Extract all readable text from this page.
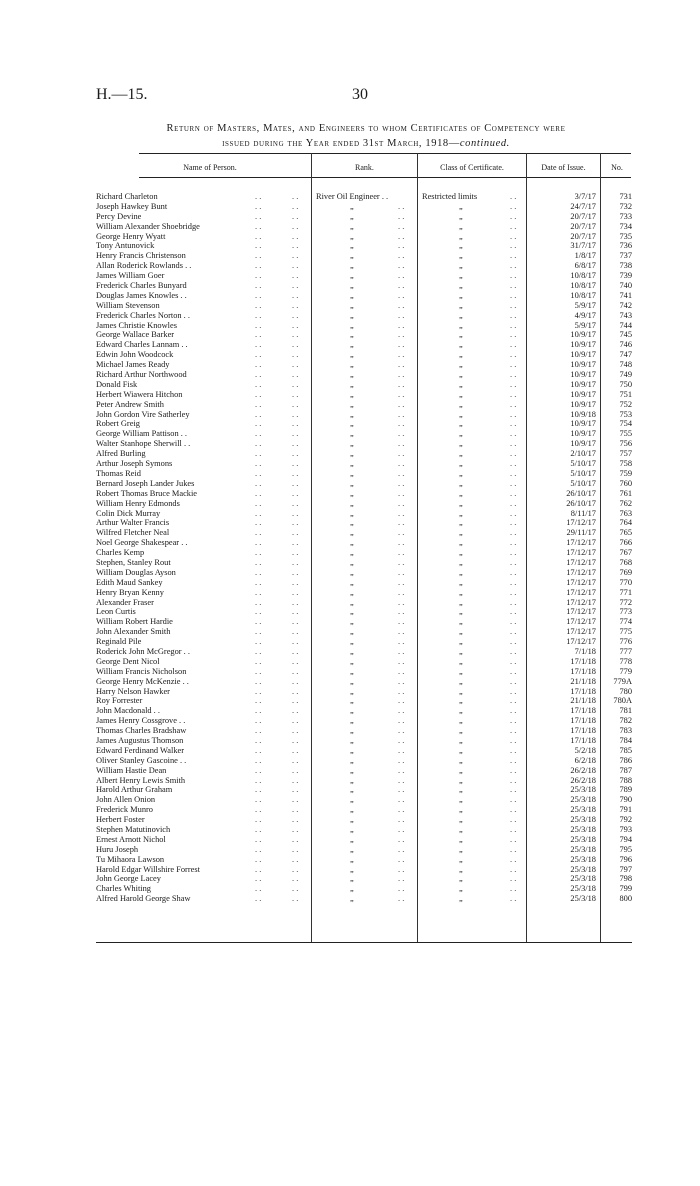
H.—15.	30
Return of Masters, Mates, and Engineers to whom Certificates of Competency were
issued during the Year ended 31st March, 1918—continued.
Name of Person.	Rank.	Class of Certificate.	Date of Issue.	No.
Richard Charleton	. .	. . River Oil Engineer . .	Restricted limits	. .	3/7/17	731
Joseph Hawkey Bunt	. .	. .	„	. .	„	. .	24/7/17	732
Percy Devine	. .	. .	„	. .	„	. .	20/7/17	733
William Alexander Shoebridge	. .	. .	„	. .	„	. .	20/7/17	734
George Henry Wyatt	. .	. .	„	. .	„	. .	20/7/17	735
Tony Antunovick	. .	. .	„	. .	„	. .	31/7/17	736
Henry Francis Christenson	. .	. .	„	. .	„	. .	1/8/17	737
Allan Roderick Rowlands . .	. .	. .	„	. .	„	. .	6/8/17	738
James William Goer	. .	. .	„	. .	„	. .	10/8/17	739
Frederick Charles Bunyard	. .	. .	„	. .	„	. .	10/8/17	740
Douglas James Knowles . .	. .	. .	„	. .	„	. .	10/8/17	741
William Stevenson	. .	. .	„	. .	„	. .	5/9/17	742
Frederick Charles Norton . .	. .	. .	„	. .	„	. .	4/9/17	743
James Christie Knowles	. .	. .	„	. .	„	. .	5/9/17	744
George Wallace Barker	. .	. .	„	. .	„	. .	10/9/17	745
Edward Charles Lannam . .	. .	. .	„	. .	„	. .	10/9/17	746
Edwin John Woodcock	. .	. .	„	. .	„	. .	10/9/17	747
Michael James Ready	. .	. .	„	. .	„	. .	10/9/17	748
Richard Arthur Northwood	. .	. .	„	. .	„	. .	10/9/17	749
Donald Fisk	. .	. .	„	. .	„	. .	10/9/17	750
Herbert Wiawera Hitchon	. .	. .	„	. .	„	. .	10/9/17	751
Peter Andrew Smith	. .	. .	„	. .	„	. .	10/9/17	752
John Gordon Vire Satherley	. .	. .	„	. .	„	. .	10/9/18	753
Robert Greig	. .	. .	„	. .	„	. .	10/9/17	754
George William Pattison . .	. .	. .	„	. .	„	. .	10/9/17	755
Walter Stanhope Sherwill . .	. .	. .	„	. .	„	. .	10/9/17	756
Alfred Burling	. .	. .	„	. .	„	. .	2/10/17	757
Arthur Joseph Symons	. .	. .	„	. .	„	. .	5/10/17	758
Thomas Reid	. .	. .	„	. .	„	. .	5/10/17	759
Bernard Joseph Lander Jukes	. .	. .	„	. .	„	. .	5/10/17	760
Robert Thomas Bruce Mackie	. .	. .	„	. .	„	. .	26/10/17	761
William Henry Edmonds	. .	. .	„	. .	„	. .	26/10/17	762
Colin Dick Murray	. .	. .	„	. .	„	. .	8/11/17	763
Arthur Walter Francis	. .	. .	„	. .	„	. .	17/12/17	764
Wilfred Fletcher Neal	. .	. .	„	. .	„	. .	29/11/17	765
Noel George Shakespear . .	. .	. .	„	. .	„	. .	17/12/17	766
Charles Kemp	. .	. .	„	. .	„	. .	17/12/17	767
Stephen, Stanley Rout	. .	. .	„	. .	„	. .	17/12/17	768
William Douglas Ayson	. .	. .	„	. .	„	. .	17/12/17	769
Edith Maud Sankey	. .	. .	„	. .	„	. .	17/12/17	770
Henry Bryan Kenny	. .	. .	„	. .	„	. .	17/12/17	771
Alexander Fraser	. .	. .	„	. .	„	. .	17/12/17	772
Leon Curtis	. .	. .	„	. .	„	. .	17/12/17	773
William Robert Hardie	. .	. .	„	. .	„	. .	17/12/17	774
John Alexander Smith	. .	. .	„	. .	„	. .	17/12/17	775
Reginald Pile	. .	. .	„	. .	„	. .	17/12/17	776
Roderick John McGregor . .	. .	. .	„	. .	„	. .	7/1/18	777
George Dent Nicol	. .	. .	„	. .	„	. .	17/1/18	778
William Francis Nicholson	. .	. .	„	. .	„	. .	17/1/18	779
George Henry McKenzie . .	. .	. .	„	. .	„	. .	21/1/18	779A
Harry Nelson Hawker	. .	. .	„	. .	„	. .	17/1/18	780
Roy Forrester	. .	. .	„	. .	„	. .	21/1/18	780A
John Macdonald . .	. .	. .	„	. .	„	. .	17/1/18	781
James Henry Cossgrove . .	. .	. .	„	. .	„	. .	17/1/18	782
Thomas Charles Bradshaw	. .	. .	„	. .	„	. .	17/1/18	783
James Augustus Thomson	. .	. .	„	. .	„	. .	17/1/18	784
Edward Ferdinand Walker	. .	. .	„	. .	„	. .	5/2/18	785
Oliver Stanley Gascoine . .	. .	. .	„	. .	„	. .	6/2/18	786
William Hastie Dean	. .	. .	„	. .	„	. .	26/2/18	787
Albert Henry Lewis Smith	. .	. .	„	. .	„	. .	26/2/18	788
Harold Arthur Graham	. .	. .	„	. .	„	. .	25/3/18	789
John Allen Onion	. .	. .	„	. .	„	. .	25/3/18	790
Frederick Munro	. .	. .	„	. .	„	. .	25/3/18	791
Herbert Foster	. .	. .	„	. .	„	. .	25/3/18	792
Stephen Matutinovich	. .	. .	„	. .	„	. .	25/3/18	793
Ernest Arnott Nichol	. .	. .	„	. .	„	. .	25/3/18	794
Huru Joseph	. .	. .	„	. .	„	. .	25/3/18	795
Tu Mihaora Lawson	. .	. .	„	. .	„	. .	25/3/18	796
Harold Edgar Willshire Forrest	. .	. .	„	. .	„	. .	25/3/18	797
John George Lacey	. .	. .	„	. .	„	. .	25/3/18	798
Charles Whiting	. .	. .	„	. .	„	. .	25/3/18	799
Alfred Harold George Shaw	. .	. .	„	. .	„	. .	25/3/18	800
